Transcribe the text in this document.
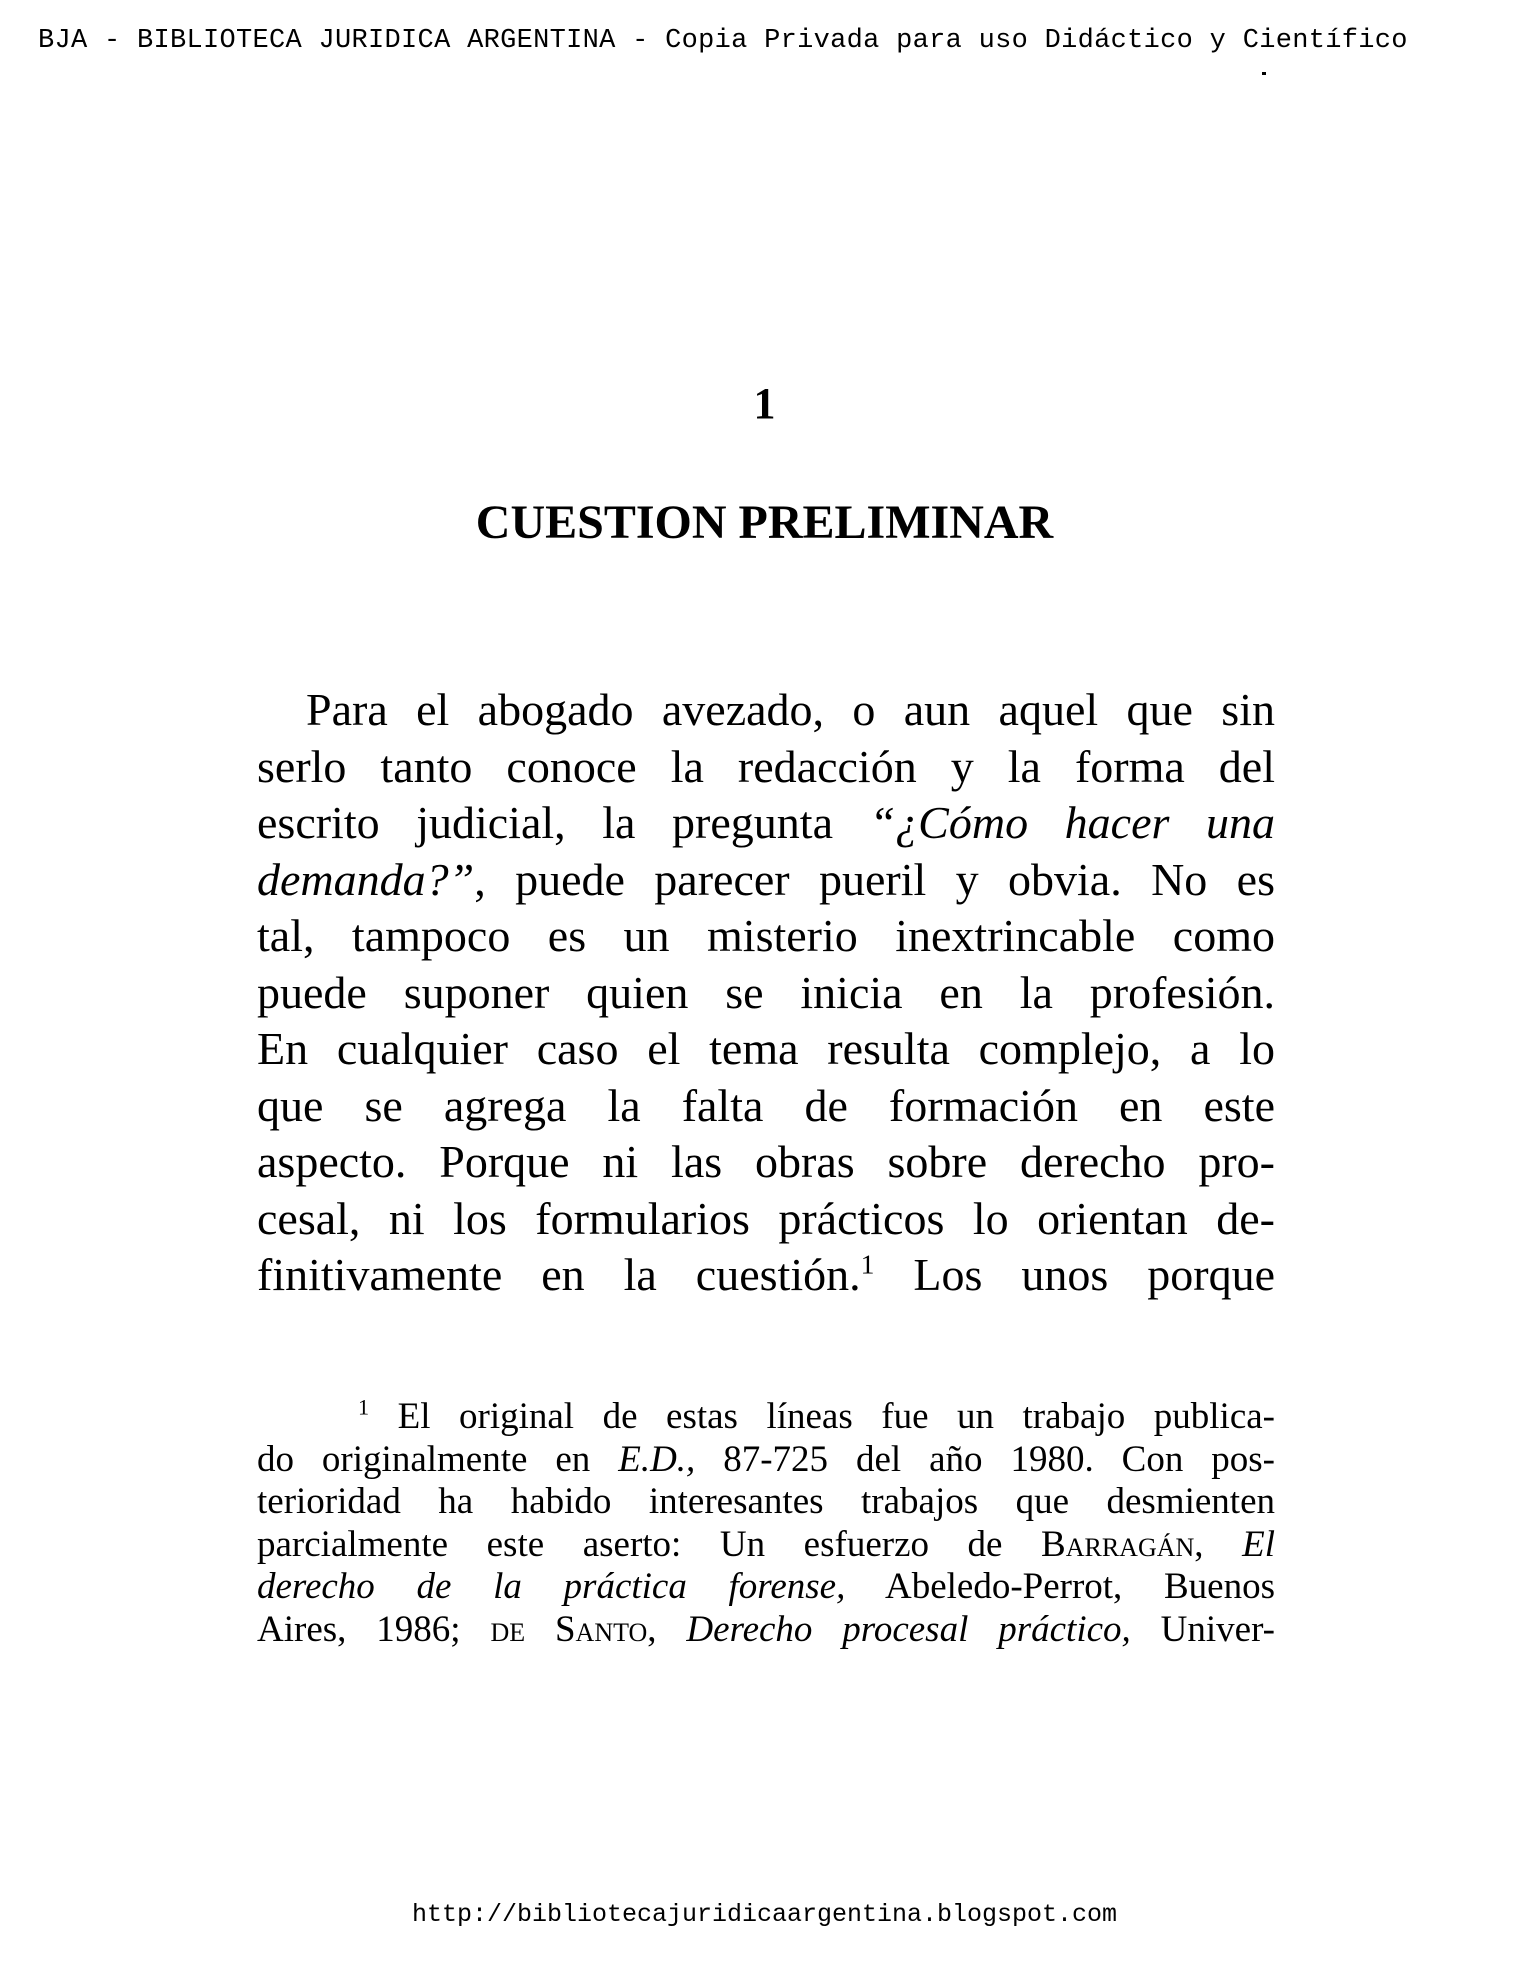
BJA - BIBLIOTECA JURIDICA ARGENTINA - Copia Privada para uso Didáctico y Científico
1
CUESTION PRELIMINAR
Para el abogado avezado, o aun aquel que sin
serlo tanto conoce la redacción y la forma del
escrito judicial, la pregunta “¿Cómo hacer una
demanda?”, puede parecer pueril y obvia. No es
tal, tampoco es un misterio inextrincable como
puede suponer quien se inicia en la profesión.
En cualquier caso el tema resulta complejo, a lo
que se agrega la falta de formación en este
aspecto. Porque ni las obras sobre derecho pro-
cesal, ni los formularios prácticos lo orientan de-
finitivamente en la cuestión.$^1$ Los unos porque
$^1$ El original de estas líneas fue un trabajo publica-
do originalmente en E.D., 87-725 del año 1980. Con pos-
terioridad ha habido interesantes trabajos que desmienten
parcialmente este aserto: Un esfuerzo de Barragán, El
derecho de la práctica forense, Abeledo-Perrot, Buenos
Aires, 1986; de Santo, Derecho procesal práctico, Univer-
http://bibliotecajuridicaargentina.blogspot.com
